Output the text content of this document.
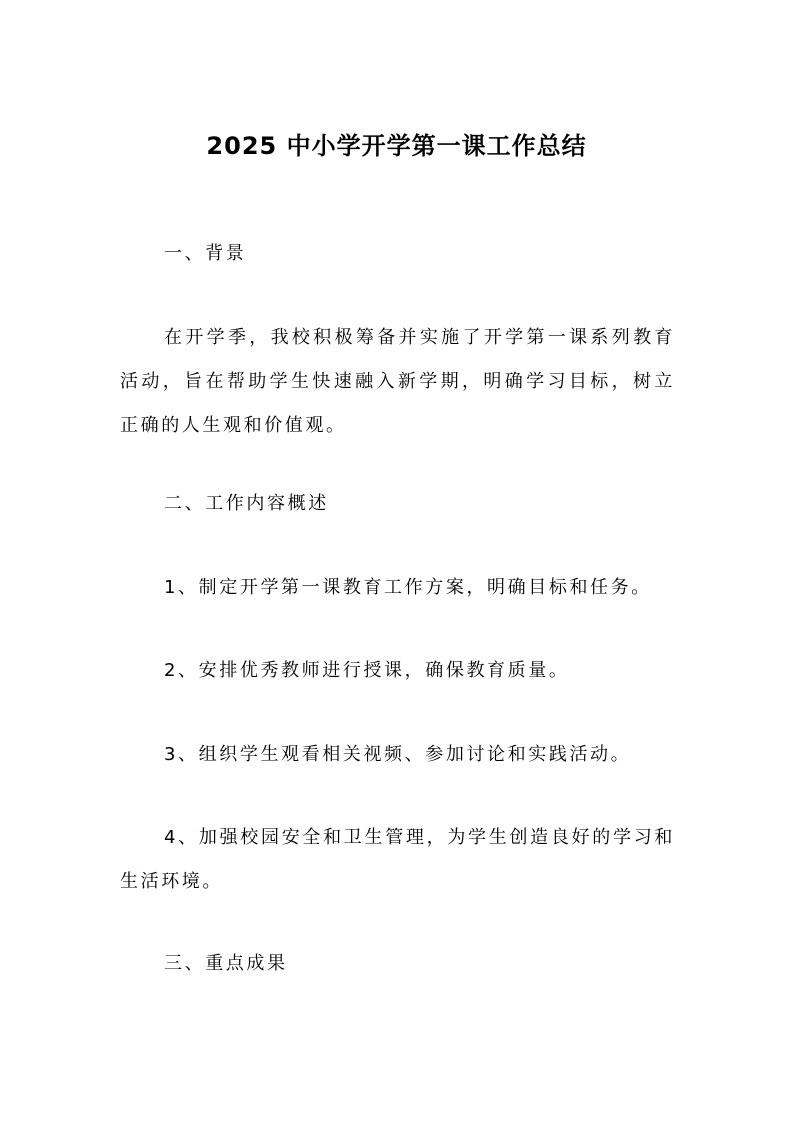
2025 中小学开学第一课工作总结

一、背景

在开学季，我校积极筹备并实施了开学第一课系列教育活动，旨在帮助学生快速融入新学期，明确学习目标，树立正确的人生观和价值观。

二、工作内容概述

1、制定开学第一课教育工作方案，明确目标和任务。

2、安排优秀教师进行授课，确保教育质量。

3、组织学生观看相关视频、参加讨论和实践活动。

4、加强校园安全和卫生管理，为学生创造良好的学习和生活环境。

三、重点成果
